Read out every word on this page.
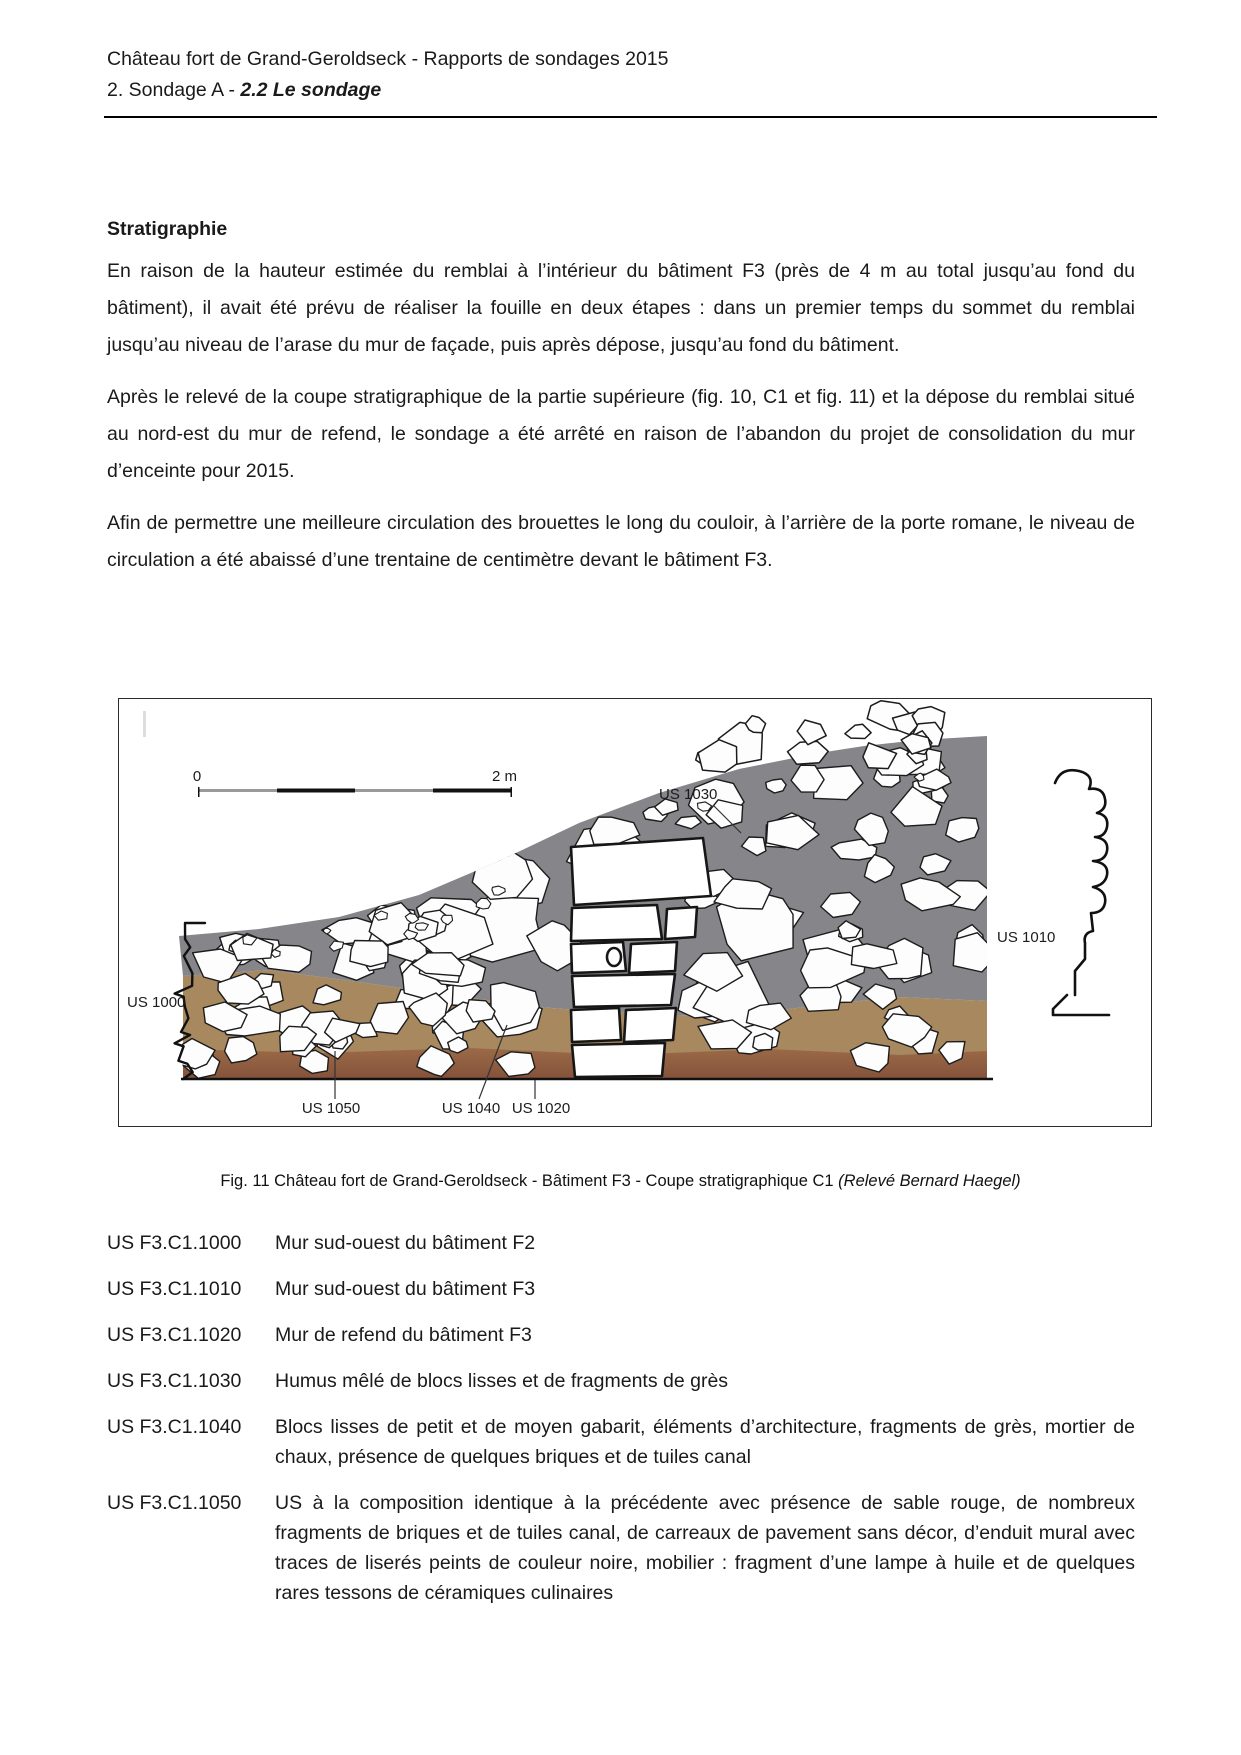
Château fort de Grand-Geroldseck - Rapports de sondages 2015
2. Sondage A - 2.2 Le sondage
Stratigraphie

En raison de la hauteur estimée du remblai à l’intérieur du bâtiment F3 (près de 4 m au total jusqu’au fond du bâtiment), il avait été prévu de réaliser la fouille en deux étapes : dans un premier temps du sommet du remblai jusqu’au niveau de l’arase du mur de façade, puis après dépose, jusqu’au fond du bâtiment.

Après le relevé de la coupe stratigraphique de la partie supérieure (fig. 10, C1 et fig. 11) et la dépose du remblai situé au nord-est du mur de refend, le sondage a été arrêté en raison de l’abandon du projet de consolidation du mur d’enceinte pour 2015.

Afin de permettre une meilleure circulation des brouettes le long du couloir, à l’arrière de la porte romane, le niveau de circulation a été abaissé d’une trentaine de centimètre devant le bâtiment F3.

0	2 m
US 1030
US 1010
US 1000
US 1050	US 1040 US 1020
Fig. 11 Château fort de Grand-Geroldseck - Bâtiment F3 - Coupe stratigraphique C1 (Relevé Bernard Haegel)
US F3.C1.1000	Mur sud-ouest du bâtiment F2
US F3.C1.1010	Mur sud-ouest du bâtiment F3
US F3.C1.1020	Mur de refend du bâtiment F3
US F3.C1.1030	Humus mêlé de blocs lisses et de fragments de grès
US F3.C1.1040	Blocs lisses de petit et de moyen gabarit, éléments d’architecture, fragments de grès, mortier de chaux, présence de quelques briques et de tuiles canal
US F3.C1.1050	US à la composition identique à la précédente avec présence de sable rouge, de nombreux fragments de briques et de tuiles canal, de carreaux de pavement sans décor, d’enduit mural avec traces de liserés peints de couleur noire, mobilier : fragment d’une lampe à huile et de quelques rares tessons de céramiques culinaires
